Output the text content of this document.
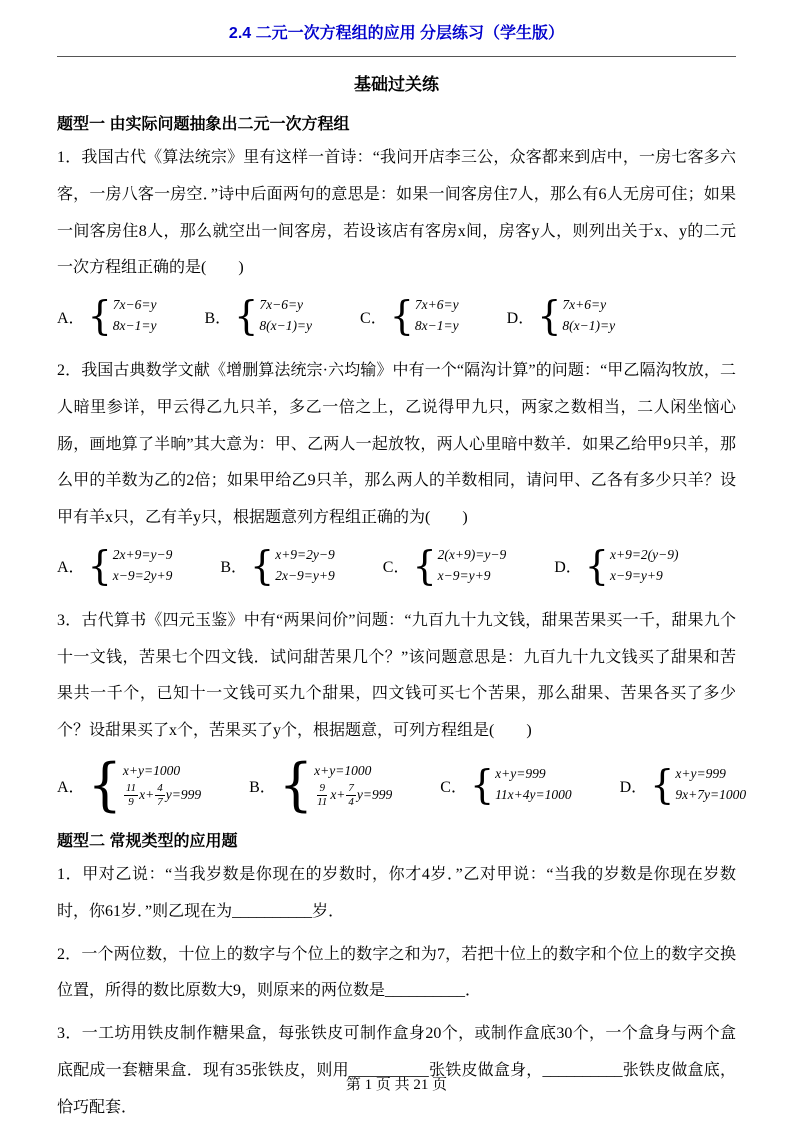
2.4 二元一次方程组的应用 分层练习（学生版）
基础过关练
题型一 由实际问题抽象出二元一次方程组

1．我国古代《算法统宗》里有这样一首诗：“我问开店李三公，众客都来到店中，一房七客多六客，一房八客一房空．”诗中后面两句的意思是：如果一间客房住7人，那么有6人无房可住；如果一间客房住8人，那么就空出一间客房，若设该店有客房x间，房客y人，则列出关于x、y的二元一次方程组正确的是(　　)

A． { 7x−6=y
8x−1=y	B． { 7x−6=y
8(x−1)=y	C． { 7x+6=y
8x−1=y	D． { 7x+6=y
8(x−1)=y

2．我国古典数学文献《增删算法统宗·六均输》中有一个“隔沟计算”的问题：“甲乙隔沟牧放，二人暗里参详，甲云得乙九只羊，多乙一倍之上，乙说得甲九只，两家之数相当，二人闲坐恼心肠，画地算了半晌”其大意为：甲、乙两人一起放牧，两人心里暗中数羊．如果乙给甲9只羊，那么甲的羊数为乙的2倍；如果甲给乙9只羊，那么两人的羊数相同，请问甲、乙各有多少只羊？设甲有羊x只，乙有羊y只，根据题意列方程组正确的为(　　)

A． { 2x+9=y−9
x−9=2y+9	B． { x+9=2y−9
2x−9=y+9	C． { 2(x+9)=y−9
x−9=y+9	D． { x+9=2(y−9)
x−9=y+9

3．古代算书《四元玉鉴》中有“两果问价”问题：“九百九十九文钱，甜果苦果买一千，甜果九个十一文钱，苦果七个四文钱．试问甜苦果几个？”该问题意思是：九百九十九文钱买了甜果和苦果共一千个，已知十一文钱可买九个甜果，四文钱可买七个苦果，那么甜果、苦果各买了多少个？设甜果买了x个，苦果买了y个，根据题意，可列方程组是(　　)

A． { x+y=1000
$\frac{11}{9} x+ \frac{4}{7} y=999$	B． { x+y=1000
$\frac{9}{11} x+ \frac{7}{4} y=999$	C． { x+y=999
11x+4y=1000	D． { x+y=999
9x+7y=1000
题型二 常规类型的应用题

1．甲对乙说：“当我岁数是你现在的岁数时，你才4岁．”乙对甲说：“当我的岁数是你现在岁数时，你61岁．”则乙现在为__________岁．

2．一个两位数，十位上的数字与个位上的数字之和为7，若把十位上的数字和个位上的数字交换位置，所得的数比原数大9，则原来的两位数是__________．

3．一工坊用铁皮制作糖果盒，每张铁皮可制作盒身20个，或制作盒底30个，一个盒身与两个盒底配成一套糖果盒．现有35张铁皮，则用__________张铁皮做盒身，__________张铁皮做盒底，恰巧配套．

第 1 页 共 21 页
